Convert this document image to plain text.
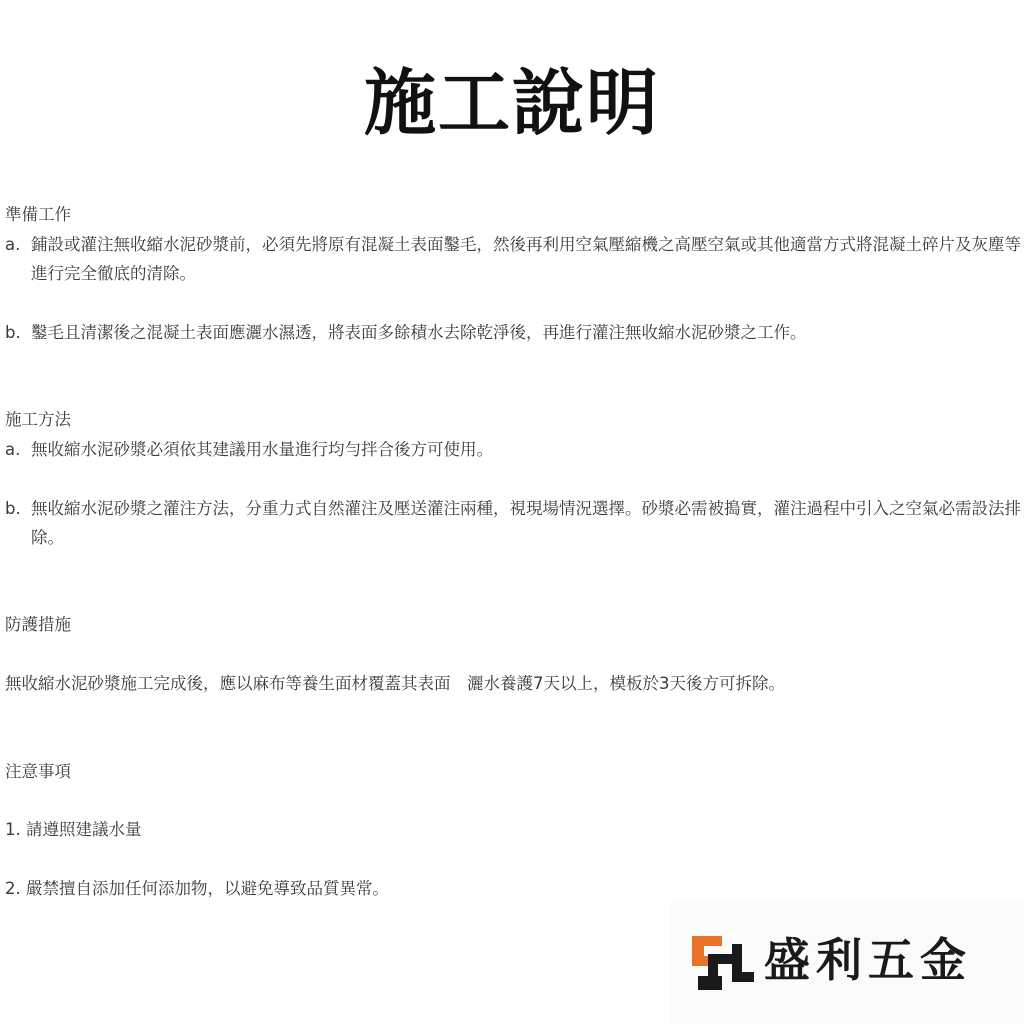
施工說明
準備工作
a. 鋪設或灌注無收縮水泥砂漿前，必須先將原有混凝土表面鑿毛，然後再利用空氣壓縮機之高壓空氣或其他適當方式將混凝土碎片及灰塵等進行完全徹底的清除。
b. 鑿毛且清潔後之混凝土表面應灑水濕透，將表面多餘積水去除乾淨後，再進行灌注無收縮水泥砂漿之工作。
施工方法
a. 無收縮水泥砂漿必須依其建議用水量進行均勻拌合後方可使用。
b. 無收縮水泥砂漿之灌注方法，分重力式自然灌注及壓送灌注兩種，視現場情況選擇。砂漿必需被搗實，灌注過程中引入之空氣必需設法排除。
防護措施
無收縮水泥砂漿施工完成後，應以麻布等養生面材覆蓋其表面　灑水養護7天以上，模板於3天後方可拆除。
注意事項
1. 請遵照建議水量
2. 嚴禁擅自添加任何添加物，以避免導致品質異常。
盛利五金
